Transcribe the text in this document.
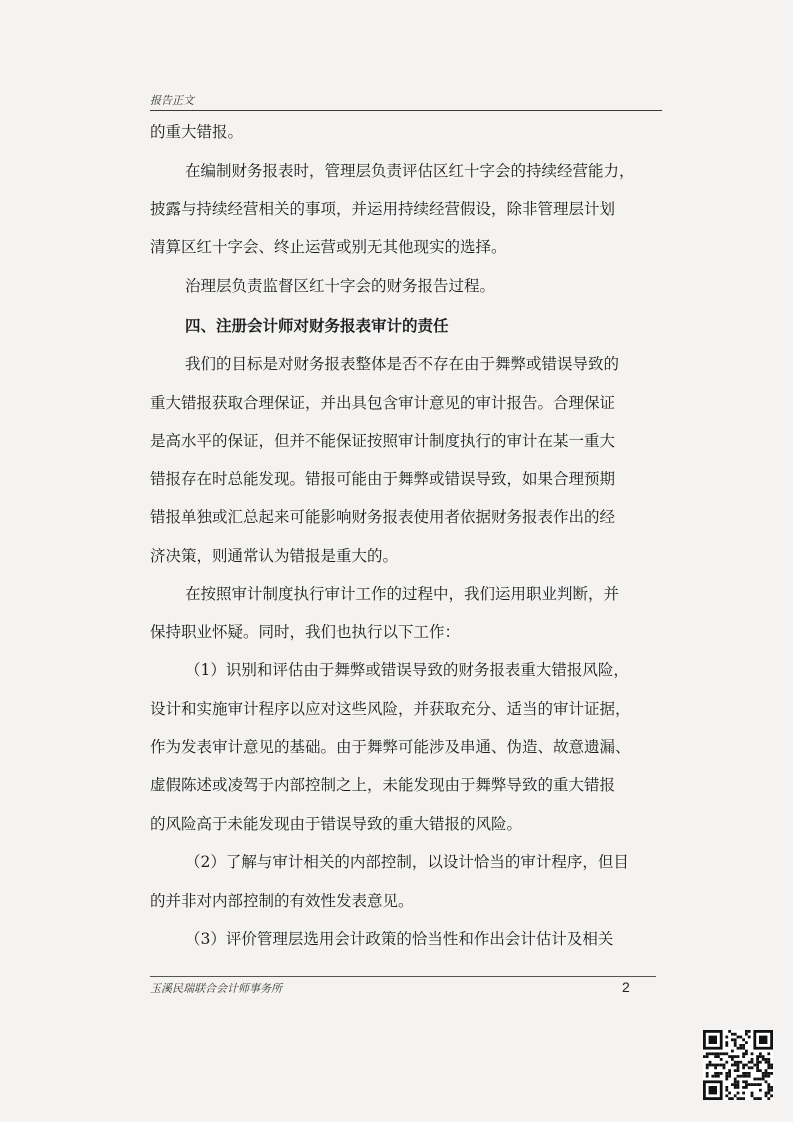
报告正文
的重大错报。
在编制财务报表时，管理层负责评估区红十字会的持续经营能力，
披露与持续经营相关的事项，并运用持续经营假设，除非管理层计划
清算区红十字会、终止运营或别无其他现实的选择。
治理层负责监督区红十字会的财务报告过程。
四、注册会计师对财务报表审计的责任
我们的目标是对财务报表整体是否不存在由于舞弊或错误导致的
重大错报获取合理保证，并出具包含审计意见的审计报告。合理保证
是高水平的保证，但并不能保证按照审计制度执行的审计在某一重大
错报存在时总能发现。错报可能由于舞弊或错误导致，如果合理预期
错报单独或汇总起来可能影响财务报表使用者依据财务报表作出的经
济决策，则通常认为错报是重大的。
在按照审计制度执行审计工作的过程中，我们运用职业判断，并
保持职业怀疑。同时，我们也执行以下工作：
（1）识别和评估由于舞弊或错误导致的财务报表重大错报风险，
设计和实施审计程序以应对这些风险，并获取充分、适当的审计证据，
作为发表审计意见的基础。由于舞弊可能涉及串通、伪造、故意遗漏、
虚假陈述或凌驾于内部控制之上，未能发现由于舞弊导致的重大错报
的风险高于未能发现由于错误导致的重大错报的风险。
（2）了解与审计相关的内部控制，以设计恰当的审计程序，但目
的并非对内部控制的有效性发表意见。
（3）评价管理层选用会计政策的恰当性和作出会计估计及相关
玉溪民瑞联合会计师事务所	2
